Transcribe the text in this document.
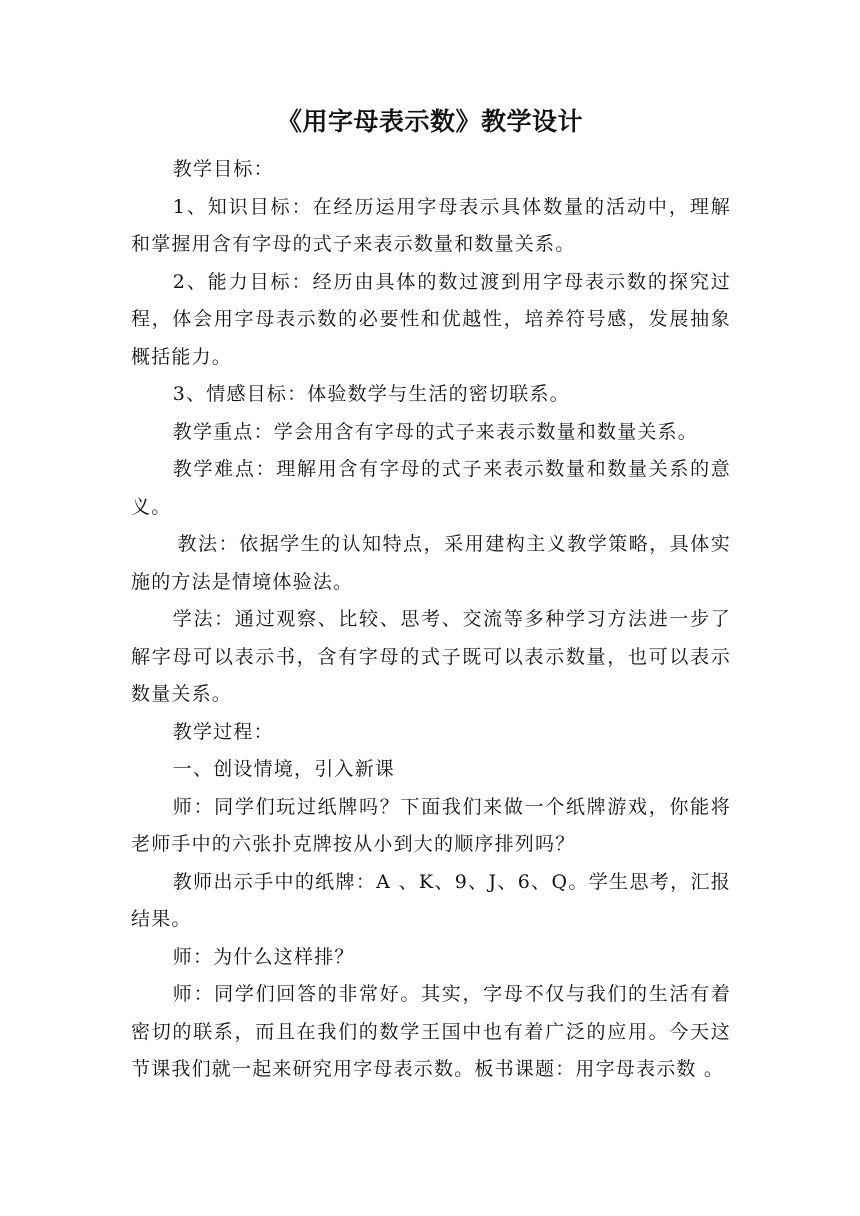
《用字母表示数》教学设计

教学目标：

1、知识目标：在经历运用字母表示具体数量的活动中，理解和掌握用含有字母的式子来表示数量和数量关系。

2、能力目标：经历由具体的数过渡到用字母表示数的探究过程，体会用字母表示数的必要性和优越性，培养符号感，发展抽象概括能力。

3、情感目标：体验数学与生活的密切联系。

教学重点：学会用含有字母的式子来表示数量和数量关系。

教学难点：理解用含有字母的式子来表示数量和数量关系的意义。

教法：依据学生的认知特点，采用建构主义教学策略，具体实施的方法是情境体验法。

学法：通过观察、比较、思考、交流等多种学习方法进一步了解字母可以表示书，含有字母的式子既可以表示数量，也可以表示数量关系。

教学过程：

一、创设情境，引入新课

师：同学们玩过纸牌吗？下面我们来做一个纸牌游戏，你能将老师手中的六张扑克牌按从小到大的顺序排列吗？

教师出示手中的纸牌：A 、K、9、J、6、Q。学生思考，汇报结果。

师：为什么这样排？

师：同学们回答的非常好。其实，字母不仅与我们的生活有着密切的联系，而且在我们的数学王国中也有着广泛的应用。今天这节课我们就一起来研究用字母表示数。板书课题：用字母表示数 。
